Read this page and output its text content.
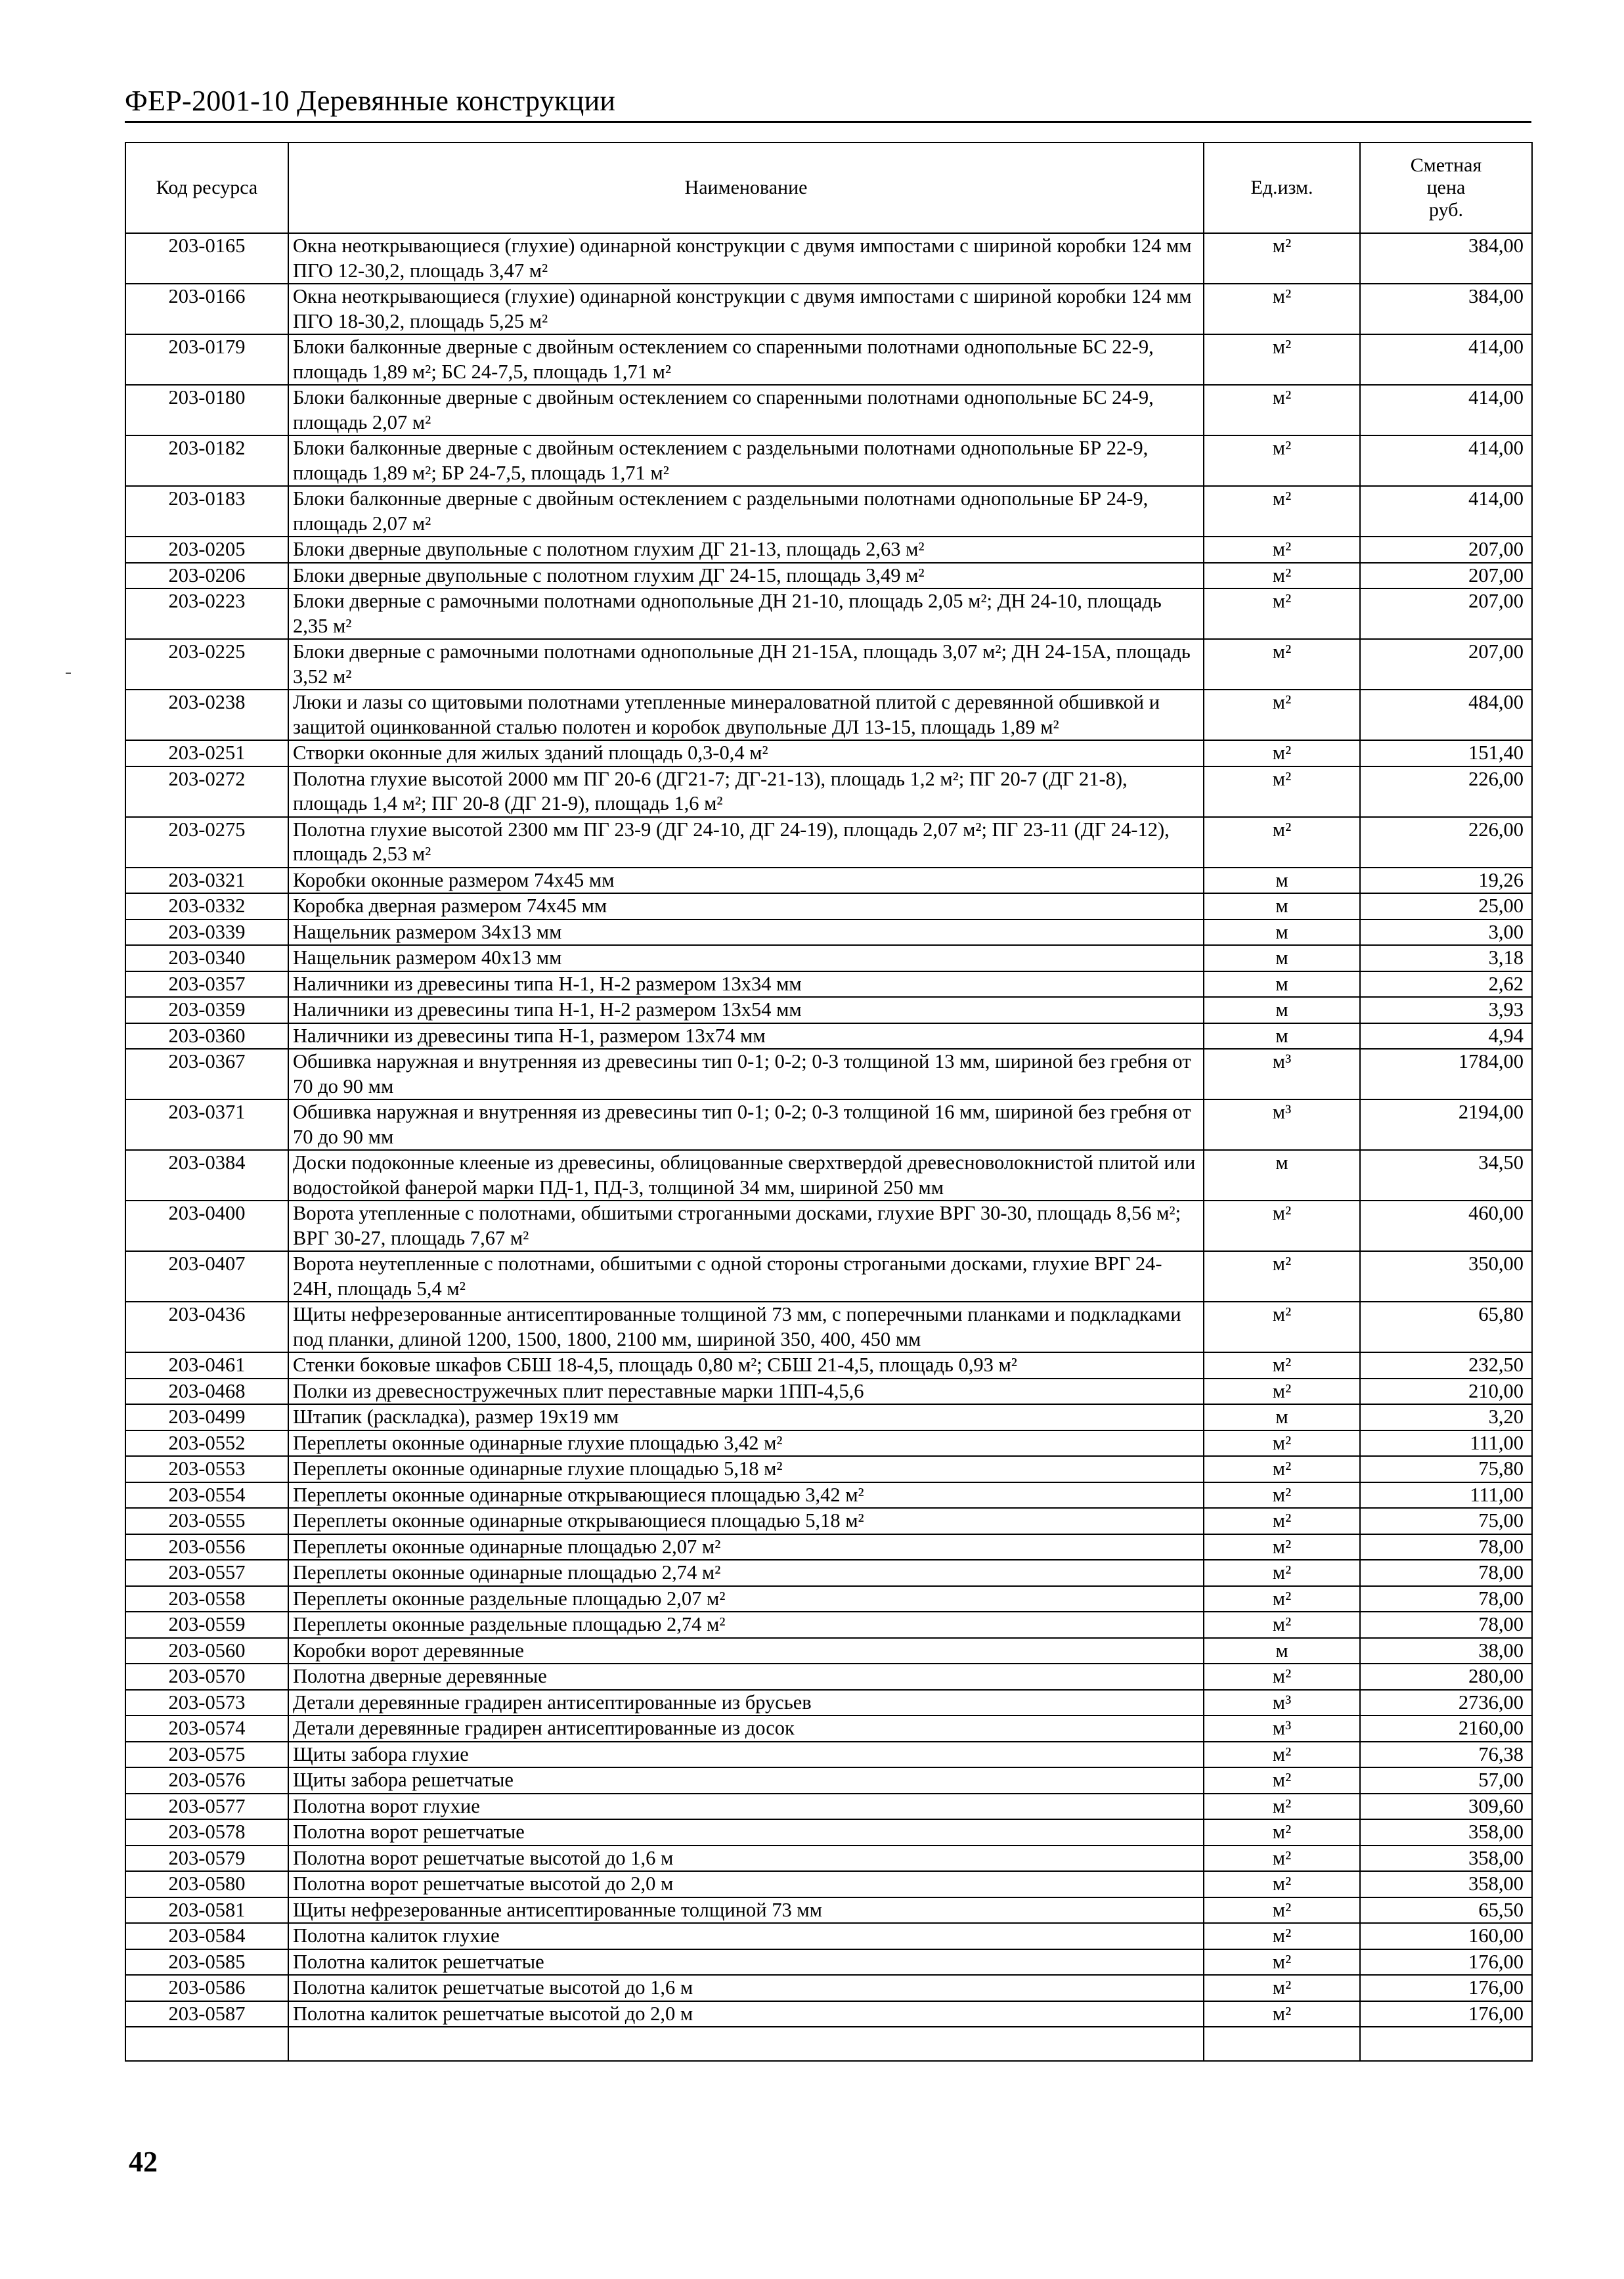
ФЕР-2001-10 Деревянные конструкции
Код ресурса	Наименование	Ед.изм.	Сметная
цена
руб.

203-0165	Окна неоткрывающиеся (глухие) одинарной конструкции с двумя импостами с шириной коробки 124 мм ПГО 12-30,2, площадь 3,47 м²	м²	384,00
203-0166	Окна неоткрывающиеся (глухие) одинарной конструкции с двумя импостами с шириной коробки 124 мм ПГО 18-30,2, площадь 5,25 м²	м²	384,00
203-0179	Блоки балконные дверные с двойным остеклением со спаренными полотнами однопольные БС 22-9, площадь 1,89 м²; БС 24-7,5, площадь 1,71 м²	м²	414,00
203-0180	Блоки балконные дверные с двойным остеклением со спаренными полотнами однопольные БС 24-9, площадь 2,07 м²	м²	414,00
203-0182	Блоки балконные дверные с двойным остеклением с раздельными полотнами однопольные БР 22-9, площадь 1,89 м²; БР 24-7,5, площадь 1,71 м²	м²	414,00
203-0183	Блоки балконные дверные с двойным остеклением с раздельными полотнами однопольные БР 24-9, площадь 2,07 м²	м²	414,00
203-0205	Блоки дверные двупольные с полотном глухим ДГ 21-13, площадь 2,63 м²	м²	207,00
203-0206	Блоки дверные двупольные с полотном глухим ДГ 24-15, площадь 3,49 м²	м²	207,00
203-0223	Блоки дверные с рамочными полотнами однопольные ДН 21-10, площадь 2,05 м²; ДН 24-10, площадь 2,35 м²	м²	207,00
203-0225	Блоки дверные с рамочными полотнами однопольные ДН 21-15А, площадь 3,07 м²; ДН 24-15А, площадь 3,52 м²	м²	207,00
203-0238	Люки и лазы со щитовыми полотнами утепленные минераловатной плитой с деревянной обшивкой и защитой оцинкованной сталью полотен и коробок двупольные ДЛ 13-15, площадь 1,89 м²	м²	484,00
203-0251	Створки оконные для жилых зданий площадь 0,3-0,4 м²	м²	151,40
203-0272	Полотна глухие высотой 2000 мм ПГ 20-6 (ДГ21-7; ДГ-21-13), площадь 1,2 м²; ПГ 20-7 (ДГ 21-8), площадь 1,4 м²; ПГ 20-8 (ДГ 21-9), площадь 1,6 м²	м²	226,00
203-0275	Полотна глухие высотой 2300 мм ПГ 23-9 (ДГ 24-10, ДГ 24-19), площадь 2,07 м²; ПГ 23-11 (ДГ 24-12), площадь 2,53 м²	м²	226,00
203-0321	Коробки оконные размером 74х45 мм	м	19,26
203-0332	Коробка дверная размером 74х45 мм	м	25,00
203-0339	Нащельник размером 34х13 мм	м	3,00
203-0340	Нащельник размером 40х13 мм	м	3,18
203-0357	Наличники из древесины типа Н-1, Н-2 размером 13х34 мм	м	2,62
203-0359	Наличники из древесины типа Н-1, Н-2 размером 13х54 мм	м	3,93
203-0360	Наличники из древесины типа Н-1, размером 13х74 мм	м	4,94
203-0367	Обшивка наружная и внутренняя из древесины тип 0-1; 0-2; 0-3 толщиной 13 мм, шириной без гребня от 70 до 90 мм	м³	1784,00
203-0371	Обшивка наружная и внутренняя из древесины тип 0-1; 0-2; 0-3 толщиной 16 мм, шириной без гребня от 70 до 90 мм	м³	2194,00
203-0384	Доски подоконные клееные из древесины, облицованные сверхтвердой древесноволокнистой плитой или водостойкой фанерой марки ПД-1, ПД-3, толщиной 34 мм, шириной 250 мм	м	34,50
203-0400	Ворота утепленные с полотнами, обшитыми строганными досками, глухие ВРГ 30-30, площадь 8,56 м²; ВРГ 30-27, площадь 7,67 м²	м²	460,00
203-0407	Ворота неутепленные с полотнами, обшитыми с одной стороны строгаными досками, глухие ВРГ 24-24Н, площадь 5,4 м²	м²	350,00
203-0436	Щиты нефрезерованные антисептированные толщиной 73 мм, с поперечными планками и подкладками под планки, длиной 1200, 1500, 1800, 2100 мм, шириной 350, 400, 450 мм	м²	65,80
203-0461	Стенки боковые шкафов СБШ 18-4,5, площадь 0,80 м²; СБШ 21-4,5, площадь 0,93 м²	м²	232,50
203-0468	Полки из древесностружечных плит переставные марки 1ПП-4,5,6	м²	210,00
203-0499	Штапик (раскладка), размер 19х19 мм	м	3,20
203-0552	Переплеты оконные одинарные глухие площадью 3,42 м²	м²	111,00
203-0553	Переплеты оконные одинарные глухие площадью 5,18 м²	м²	75,80
203-0554	Переплеты оконные одинарные открывающиеся площадью 3,42 м²	м²	111,00
203-0555	Переплеты оконные одинарные открывающиеся площадью 5,18 м²	м²	75,00
203-0556	Переплеты оконные одинарные площадью 2,07 м²	м²	78,00
203-0557	Переплеты оконные одинарные площадью 2,74 м²	м²	78,00
203-0558	Переплеты оконные раздельные площадью 2,07 м²	м²	78,00
203-0559	Переплеты оконные раздельные площадью 2,74 м²	м²	78,00
203-0560	Коробки ворот деревянные	м	38,00
203-0570	Полотна дверные деревянные	м²	280,00
203-0573	Детали деревянные градирен антисептированные из брусьев	м³	2736,00
203-0574	Детали деревянные градирен антисептированные из досок	м³	2160,00
203-0575	Щиты забора глухие	м²	76,38
203-0576	Щиты забора решетчатые	м²	57,00
203-0577	Полотна ворот глухие	м²	309,60
203-0578	Полотна ворот решетчатые	м²	358,00
203-0579	Полотна ворот решетчатые высотой до 1,6 м	м²	358,00
203-0580	Полотна ворот решетчатые высотой до 2,0 м	м²	358,00
203-0581	Щиты нефрезерованные антисептированные толщиной 73 мм	м²	65,50
203-0584	Полотна калиток глухие	м²	160,00
203-0585	Полотна калиток решетчатые	м²	176,00
203-0586	Полотна калиток решетчатые высотой до 1,6 м	м²	176,00
203-0587	Полотна калиток решетчатые высотой до 2,0 м	м²	176,00

42
